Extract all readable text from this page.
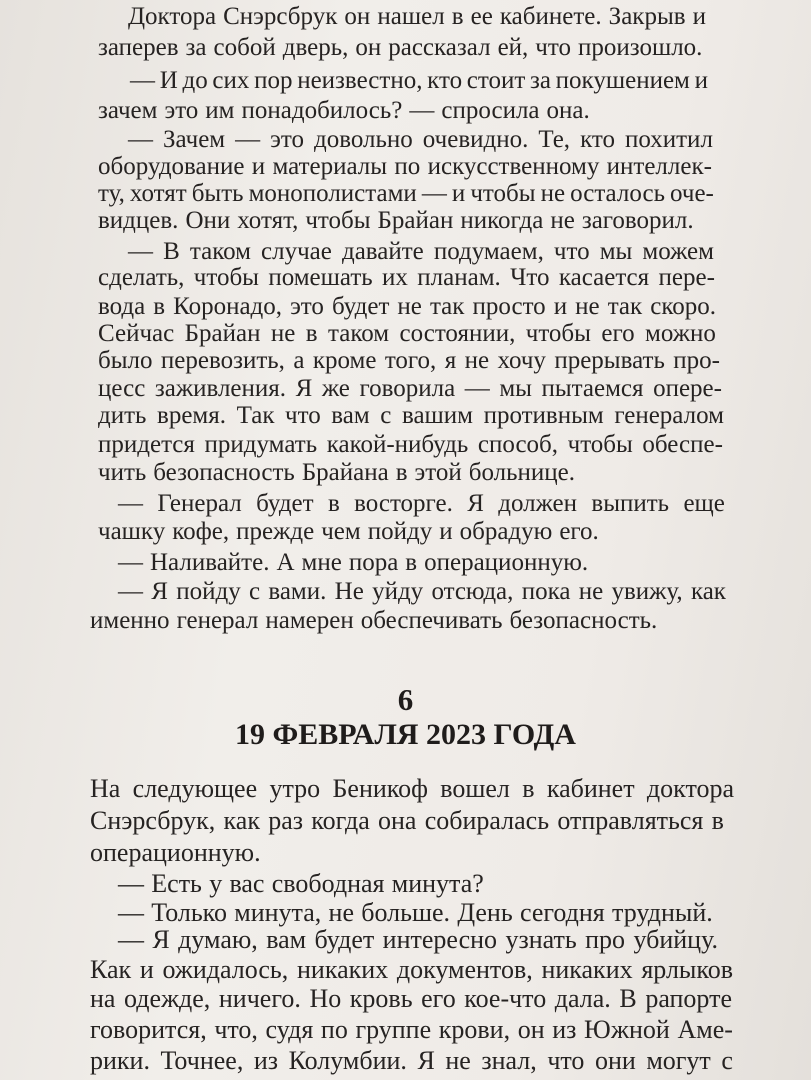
Доктора Снэрсбрук он нашел в ее кабинете. Закрыв и
заперев за собой дверь, он рассказал ей, что произошло.
— И до сих пор неизвестно, кто стоит за покушением и
зачем это им понадобилось? — спросила она.
— Зачем — это довольно очевидно. Те, кто похитил
оборудование и материалы по искусственному интеллек-
ту, хотят быть монополистами — и чтобы не осталось оче-
видцев. Они хотят, чтобы Брайан никогда не заговорил.
— В таком случае давайте подумаем, что мы можем
сделать, чтобы помешать их планам. Что касается пере-
вода в Коронадо, это будет не так просто и не так скоро.
Сейчас Брайан не в таком состоянии, чтобы его можно
было перевозить, а кроме того, я не хочу прерывать про-
цесс заживления. Я же говорила — мы пытаемся опере-
дить время. Так что вам с вашим противным генералом
придется придумать какой-нибудь способ, чтобы обеспе-
чить безопасность Брайана в этой больнице.
— Генерал будет в восторге. Я должен выпить еще
чашку кофе, прежде чем пойду и обрадую его.
— Наливайте. А мне пора в операционную.
— Я пойду с вами. Не уйду отсюда, пока не увижу, как
именно генерал намерен обеспечивать безопасность.
6
19 ФЕВРАЛЯ 2023 ГОДА
На следующее утро Беникоф вошел в кабинет доктора
Снэрсбрук, как раз когда она собиралась отправляться в
операционную.
— Есть у вас свободная минута?
— Только минута, не больше. День сегодня трудный.
— Я думаю, вам будет интересно узнать про убийцу.
Как и ожидалось, никаких документов, никаких ярлыков
на одежде, ничего. Но кровь его кое-что дала. В рапорте
говорится, что, судя по группе крови, он из Южной Аме-
рики. Точнее, из Колумбии. Я не знал, что они могут с
